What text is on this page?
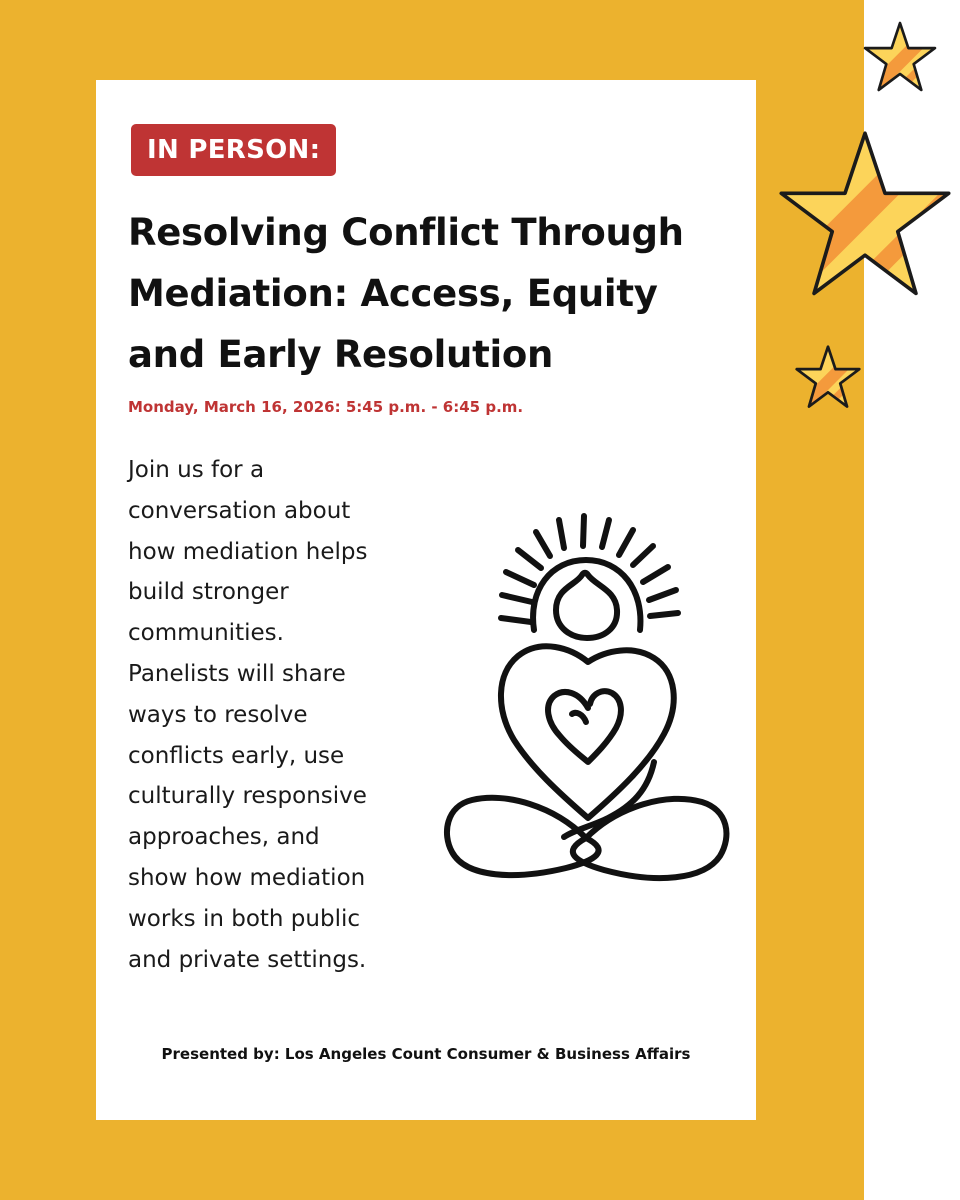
IN PERSON:
Resolving Conflict Through
Mediation: Access, Equity
and Early Resolution
Monday, March 16, 2026: 5:45 p.m. - 6:45 p.m.
Join us for a
conversation about
how mediation helps
build stronger
communities.
Panelists will share
ways to resolve
conflicts early, use
culturally responsive
approaches, and
show how mediation
works in both public
and private settings.
Presented by: Los Angeles Count Consumer & Business Affairs
